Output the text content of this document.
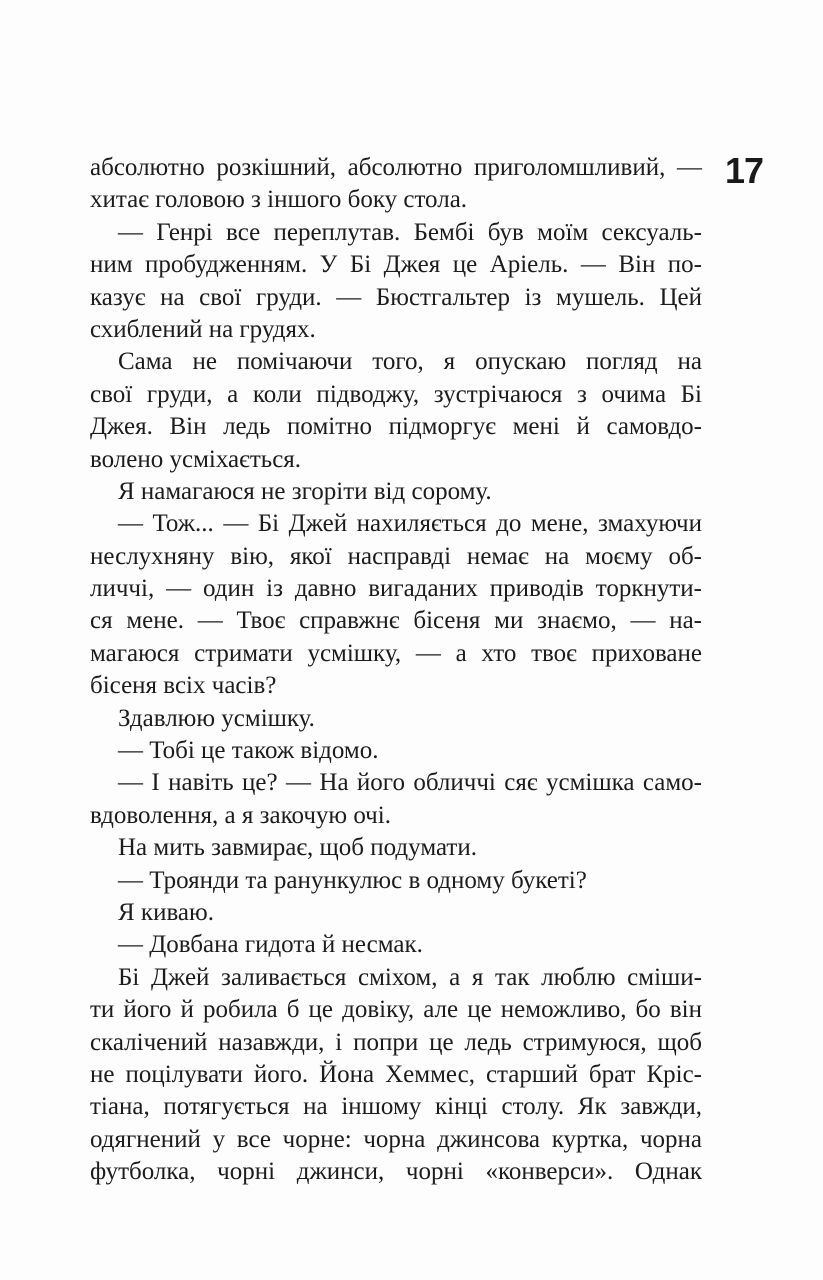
17
абсолютно розкішний, абсолютно приголомшливий, —
хитає головою з іншого боку стола.
— Генрі все переплутав. Бембі був моїм сексуаль-
ним пробудженням. У Бі Джея це Аріель. — Він по-
казує на свої груди. — Бюстгальтер із мушель. Цей
схиблений на грудях.
Сама не помічаючи того, я опускаю погляд на
свої груди, а коли підводжу, зустрічаюся з очима Бі
Джея. Він ледь помітно підморгує мені й самовдо-
волено усміхається.
Я намагаюся не згоріти від сорому.
— Тож... — Бі Джей нахиляється до мене, змахуючи
неслухняну вію, якої насправді немає на моєму об-
личчі, — один із давно вигаданих приводів торкнути-
ся мене. — Твоє справжнє бісеня ми знаємо, — на-
магаюся стримати усмішку, — а хто твоє приховане
бісеня всіх часів?
Здавлюю усмішку.
— Тобі це також відомо.
— І навіть це? — На його обличчі сяє усмішка само-
вдоволення, а я закочую очі.
На мить завмирає, щоб подумати.
— Троянди та ранункулюс в одному букеті?
Я киваю.
— Довбана гидота й несмак.
Бі Джей заливається сміхом, а я так люблю сміши-
ти його й робила б це довіку, але це неможливо, бо він
скалічений назавжди, і попри це ледь стримуюся, щоб
не поцілувати його. Йона Хеммес, старший брат Кріс-
тіана, потягується на іншому кінці столу. Як завжди,
одягнений у все чорне: чорна джинсова куртка, чорна
футболка, чорні джинси, чорні «конверси». Однак
